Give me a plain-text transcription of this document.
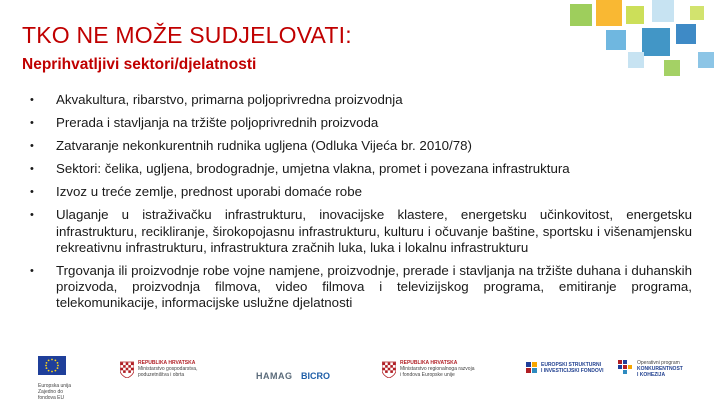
TKO NE MOŽE SUDJELOVATI:
Neprihvatljivi sektori/djelatnosti
• Akvakultura, ribarstvo, primarna poljoprivredna proizvodnja
• Prerada i stavljanja na tržište poljoprivrednih proizvoda
• Zatvaranje nekonkurentnih rudnika ugljena (Odluka Vijeća br. 2010/78)
• Sektori: čelika, ugljena, brodogradnje, umjetna vlakna, promet i povezana infrastruktura
• Izvoz u treće zemlje, prednost uporabi domaće robe
• Ulaganje u istraživačku infrastrukturu, inovacijske klastere, energetsku učinkovitost, energetsku infrastrukturu, recikliranje, širokopojasnu infrastrukturu, kulturu i očuvanje baštine, sportsku i višenamjensku rekreativnu infrastrukturu, infrastruktura zračnih luka, luka i lokalnu infrastrukturu
• Trgovanja ili proizvodnje robe vojne namjene, proizvodnje, prerade i stavljanja na tržište duhana i duhanskih proizvoda, proizvodnja filmova, video filmova i televizijskog programa, emitiranje programa, telekomunikacije, informacijske uslužne djelatnosti
Europska unija
Zajedno do fondova EU
REPUBLIKA HRVATSKA
Ministarstvo gospodarstva,
poduzetništva i obrta	HAMAG BICRO
REPUBLIKA HRVATSKA
Ministarstvo regionalnoga razvoja
i fondova Europske unije
EUROPSKI STRUKTURNI
I INVESTICIJSKI FONDOVI
Operativni program
KONKURENTNOST
I KOHEZIJA
